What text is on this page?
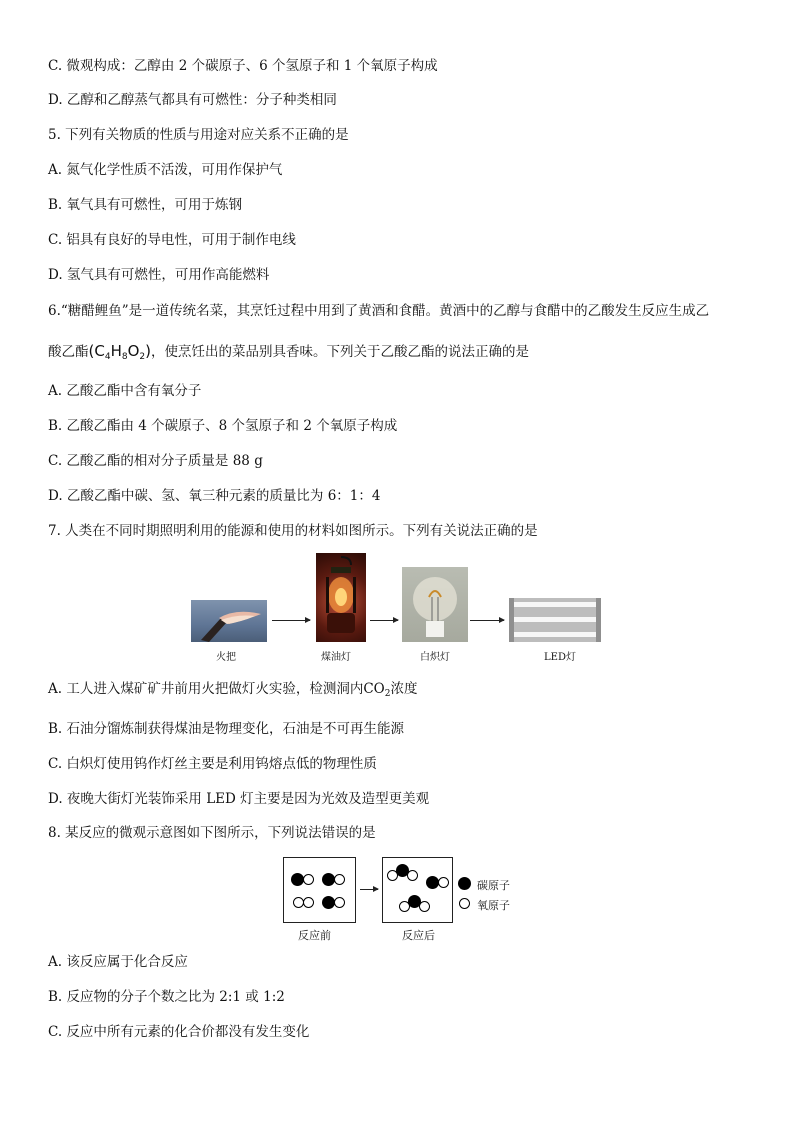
C. 微观构成：乙醇由 2 个碳原子、6 个氢原子和 1 个氧原子构成
D. 乙醇和乙醇蒸气都具有可燃性：分子种类相同
5. 下列有关物质的性质与用途对应关系不正确的是
A. 氮气化学性质不活泼，可用作保护气
B. 氧气具有可燃性，可用于炼钢
C. 铝具有良好的导电性，可用于制作电线
D. 氢气具有可燃性，可用作高能燃料
6.“糖醋鲤鱼”是一道传统名菜，其烹饪过程中用到了黄酒和食醋。黄酒中的乙醇与食醋中的乙酸发生反应生成乙
酸乙酯$(C_4H_8O_2)$，使烹饪出的菜品别具香味。下列关于乙酸乙酯的说法正确的是
A. 乙酸乙酯中含有氧分子
B. 乙酸乙酯由 4 个碳原子、8 个氢原子和 2 个氧原子构成
C. 乙酸乙酯的相对分子质量是 88 g
D. 乙酸乙酯中碳、氢、氧三种元素的质量比为 6：1：4
7. 人类在不同时期照明利用的能源和使用的材料如图所示。下列有关说法正确的是
火把	煤油灯	白炽灯	LED灯
A. 工人进入煤矿矿井前用火把做灯火实验，检测洞内$CO_2$浓度
B. 石油分馏炼制获得煤油是物理变化，石油是不可再生能源
C. 白炽灯使用钨作灯丝主要是利用钨熔点低的物理性质
D. 夜晚大街灯光装饰采用 LED 灯主要是因为光效及造型更美观
8. 某反应的微观示意图如下图所示，下列说法错误的是
碳原子
氧原子
反应前	反应后
A. 该反应属于化合反应
B. 反应物的分子个数之比为 2:1 或 1:2
C. 反应中所有元素的化合价都没有发生变化
